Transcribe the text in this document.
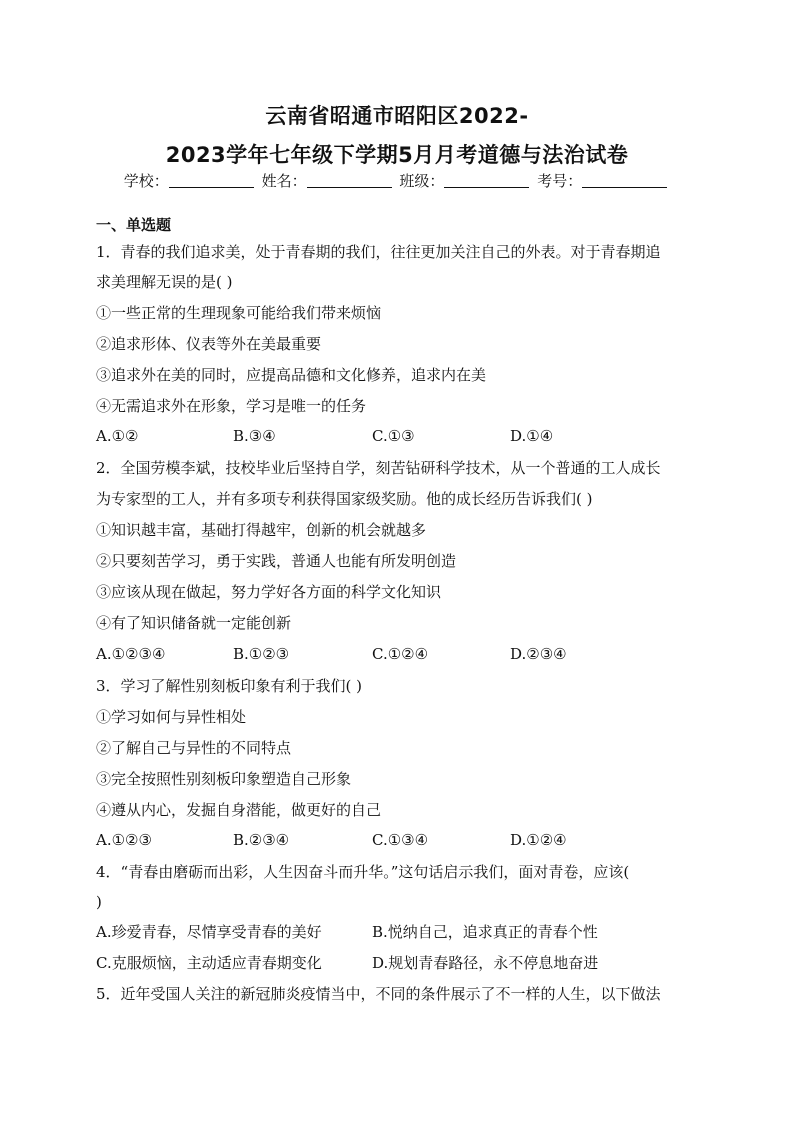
云南省昭通市昭阳区2022-
2023学年七年级下学期5月月考道德与法治试卷
学校：	姓名：	班级：	考号：
一、单选题
1．青春的我们追求美，处于青春期的我们，往往更加关注自己的外表。对于青春期追
求美理解无误的是( )
①一些正常的生理现象可能给我们带来烦恼
②追求形体、仪表等外在美最重要
③追求外在美的同时，应提高品德和文化修养，追求内在美
④无需追求外在形象，学习是唯一的任务
A.①②	B.③④	C.①③	D.①④
2．全国劳模李斌，技校毕业后坚持自学，刻苦钻研科学技术，从一个普通的工人成长
为专家型的工人，并有多项专利获得国家级奖励。他的成长经历告诉我们( )
①知识越丰富，基础打得越牢，创新的机会就越多
②只要刻苦学习，勇于实践，普通人也能有所发明创造
③应该从现在做起，努力学好各方面的科学文化知识
④有了知识储备就一定能创新
A.①②③④	B.①②③	C.①②④	D.②③④
3．学习了解性别刻板印象有利于我们( )
①学习如何与异性相处
②了解自己与异性的不同特点
③完全按照性别刻板印象塑造自己形象
④遵从内心，发掘自身潜能，做更好的自己
A.①②③	B.②③④	C.①③④	D.①②④
4．“青春由磨砺而出彩，人生因奋斗而升华。”这句话启示我们，面对青卷，应该(
)
A.珍爱青春，尽情享受青春的美好	B.悦纳自己，追求真正的青春个性
C.克服烦恼，主动适应青春期变化	D.规划青春路径，永不停息地奋进
5．近年受国人关注的新冠肺炎疫情当中，不同的条件展示了不一样的人生，以下做法
